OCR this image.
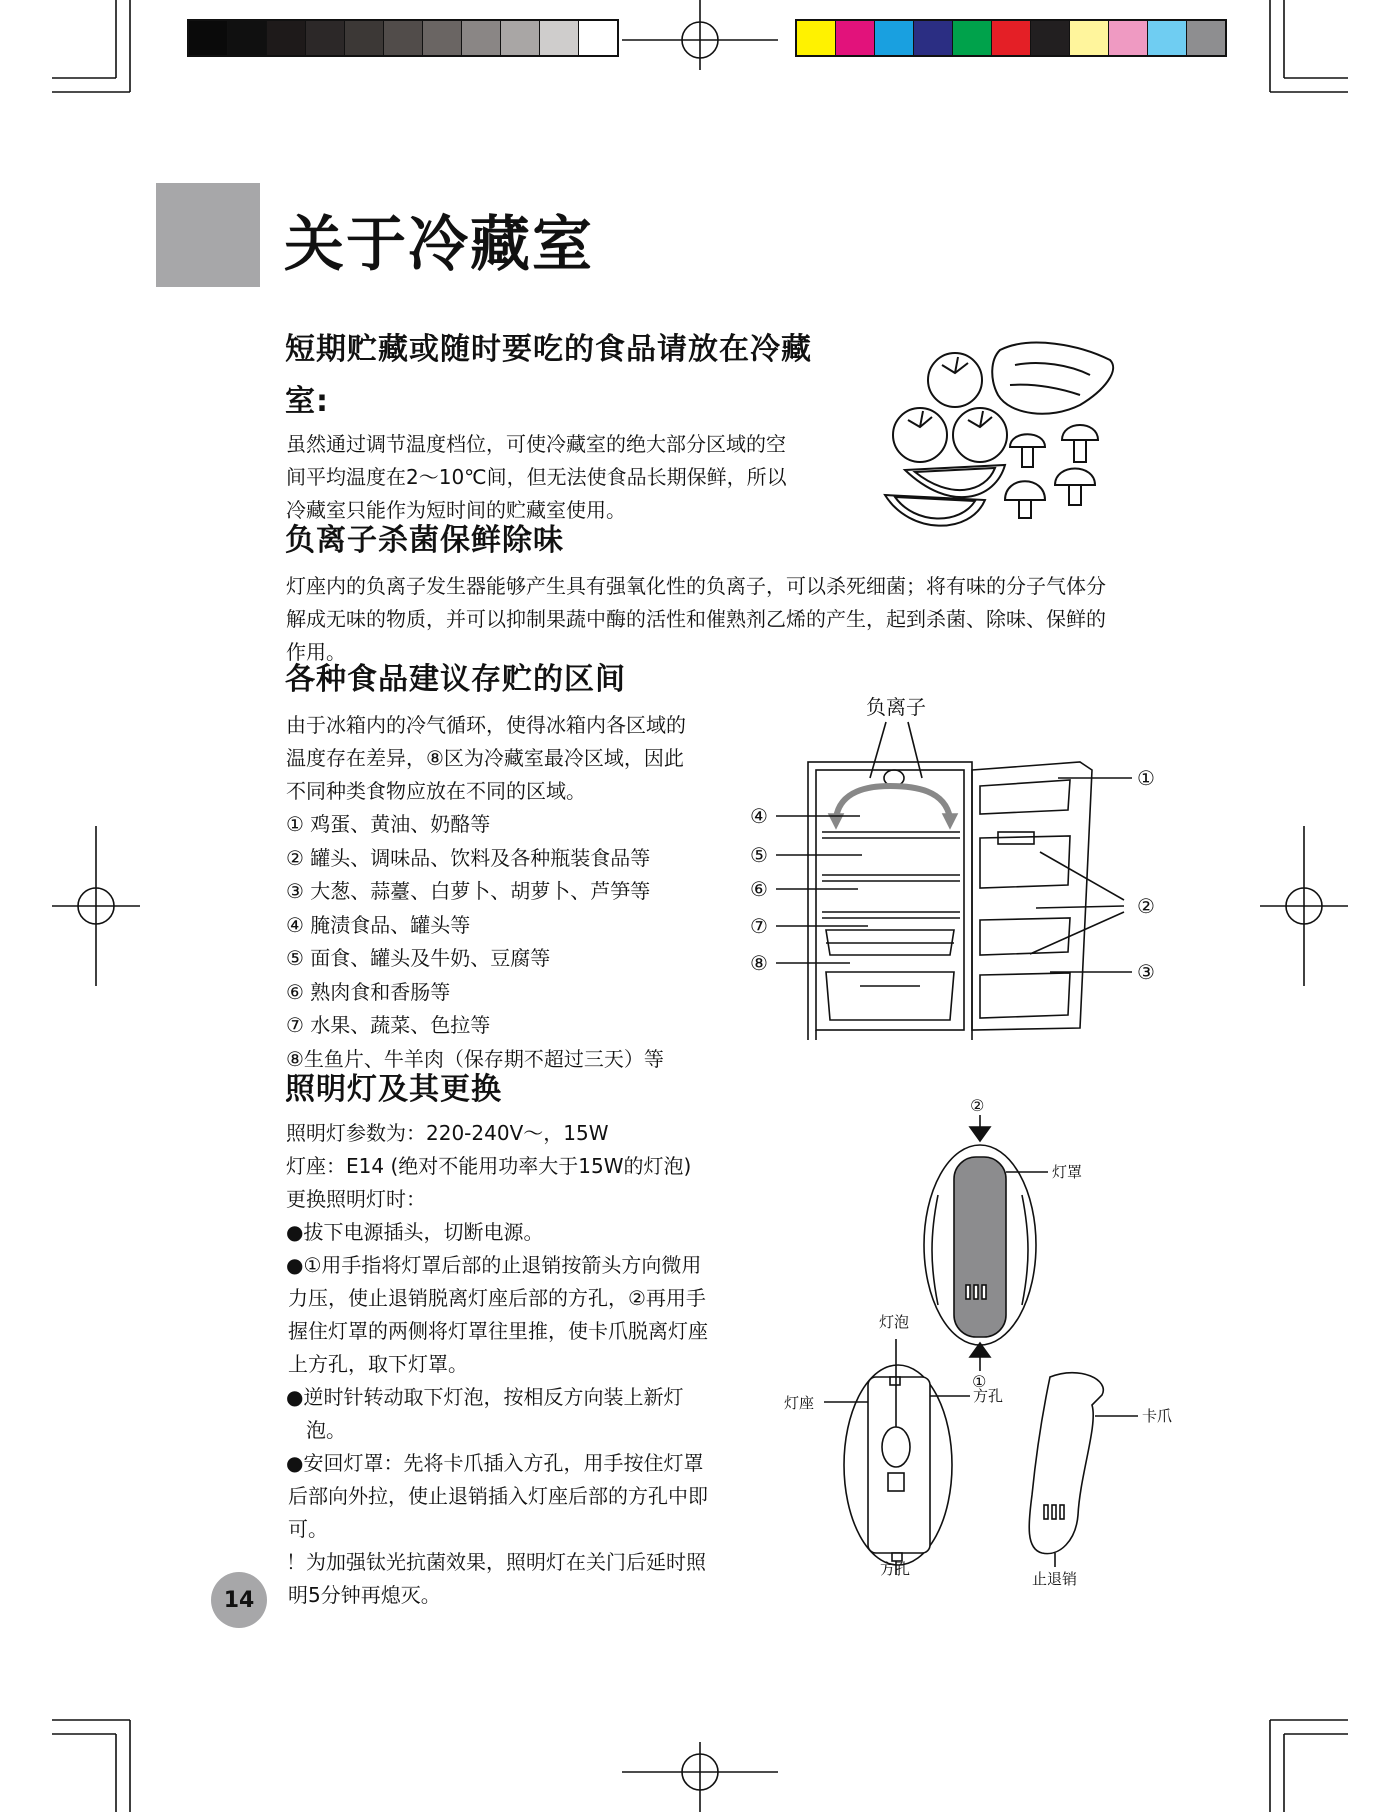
关于冷藏室
短期贮藏或随时要吃的食品请放在冷藏
室:
虽然通过调节温度档位，可使冷藏室的绝大部分区域的空
间平均温度在2～10℃间，但无法使食品长期保鲜，所以
冷藏室只能作为短时间的贮藏室使用。
负离子杀菌保鲜除味
灯座内的负离子发生器能够产生具有强氧化性的负离子，可以杀死细菌；将有味的分子气体分
解成无味的物质，并可以抑制果蔬中酶的活性和催熟剂乙烯的产生，起到杀菌、除味、保鲜的
作用。
各种食品建议存贮的区间
由于冰箱内的冷气循环，使得冰箱内各区域的
温度存在差异，⑧区为冷藏室最冷区域，因此
不同种类食物应放在不同的区域。
① 鸡蛋、黄油、奶酪等
② 罐头、调味品、饮料及各种瓶装食品等
③ 大葱、蒜薹、白萝卜、胡萝卜、芦笋等
④ 腌渍食品、罐头等
⑤ 面食、罐头及牛奶、豆腐等
⑥ 熟肉食和香肠等
⑦ 水果、蔬菜、色拉等
⑧生鱼片、牛羊肉（保存期不超过三天）等
负离子
④
⑤
⑥
⑦
⑧
①
②
③
照明灯及其更换
照明灯参数为：220-240V～，15W
灯座：E14 (绝对不能用功率大于15W的灯泡)
更换照明灯时：
●拔下电源插头，切断电源。
●①用手指将灯罩后部的止退销按箭头方向微用
力压，使止退销脱离灯座后部的方孔，②再用手
握住灯罩的两侧将灯罩往里推，使卡爪脱离灯座
上方孔，取下灯罩。
●逆时针转动取下灯泡，按相反方向装上新灯
泡。
●安回灯罩：先将卡爪插入方孔，用手按住灯罩
后部向外拉，使止退销插入灯座后部的方孔中即
可。
！为加强钛光抗菌效果，照明灯在关门后延时照
明5分钟再熄灭。
②
①
灯罩
灯泡
灯座	方孔
方孔
卡爪
止退销
14
